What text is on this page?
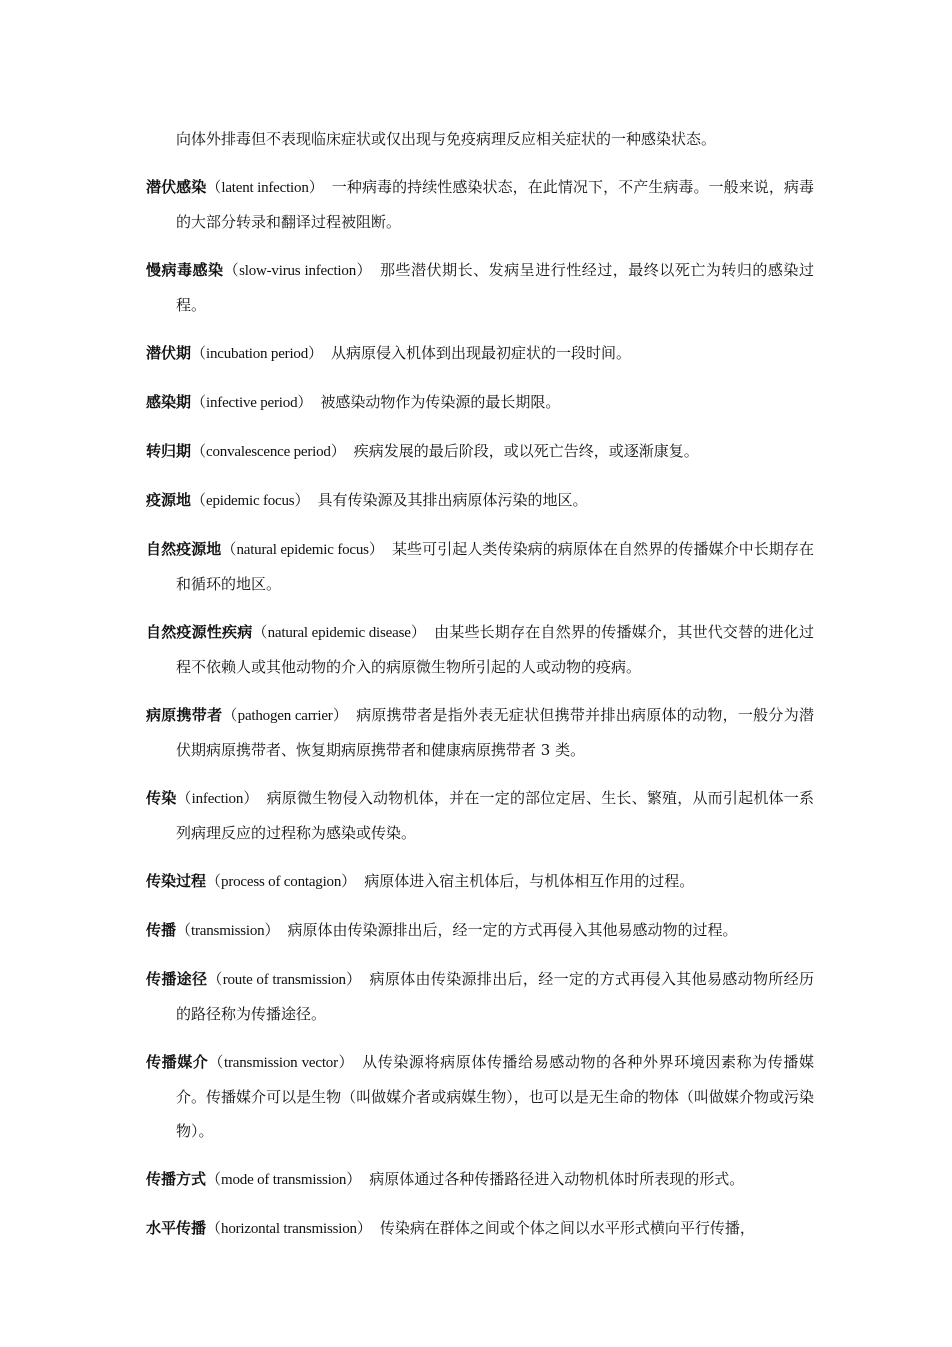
向体外排毒但不表现临床症状或仅出现与免疫病理反应相关症状的一种感染状态。

潜伏感染（latent infection） 一种病毒的持续性感染状态，在此情况下，不产生病毒。一般来说，病毒的大部分转录和翻译过程被阻断。

慢病毒感染（slow-virus infection） 那些潜伏期长、发病呈进行性经过，最终以死亡为转归的感染过程。

潜伏期（incubation period） 从病原侵入机体到出现最初症状的一段时间。

感染期（infective period） 被感染动物作为传染源的最长期限。

转归期（convalescence period） 疾病发展的最后阶段，或以死亡告终，或逐渐康复。

疫源地（epidemic focus） 具有传染源及其排出病原体污染的地区。

自然疫源地（natural epidemic focus） 某些可引起人类传染病的病原体在自然界的传播媒介中长期存在和循环的地区。

自然疫源性疾病（natural epidemic disease） 由某些长期存在自然界的传播媒介，其世代交替的进化过程不依赖人或其他动物的介入的病原微生物所引起的人或动物的疫病。

病原携带者（pathogen carrier） 病原携带者是指外表无症状但携带并排出病原体的动物，一般分为潜伏期病原携带者、恢复期病原携带者和健康病原携带者 3 类。

传染（infection） 病原微生物侵入动物机体，并在一定的部位定居、生长、繁殖，从而引起机体一系列病理反应的过程称为感染或传染。

传染过程（process of contagion） 病原体进入宿主机体后，与机体相互作用的过程。

传播（transmission） 病原体由传染源排出后，经一定的方式再侵入其他易感动物的过程。

传播途径（route of transmission） 病原体由传染源排出后，经一定的方式再侵入其他易感动物所经历的路径称为传播途径。

传播媒介（transmission vector） 从传染源将病原体传播给易感动物的各种外界环境因素称为传播媒介。传播媒介可以是生物（叫做媒介者或病媒生物），也可以是无生命的物体（叫做媒介物或污染物）。

传播方式（mode of transmission） 病原体通过各种传播路径进入动物机体时所表现的形式。

水平传播（horizontal transmission） 传染病在群体之间或个体之间以水平形式横向平行传播，
